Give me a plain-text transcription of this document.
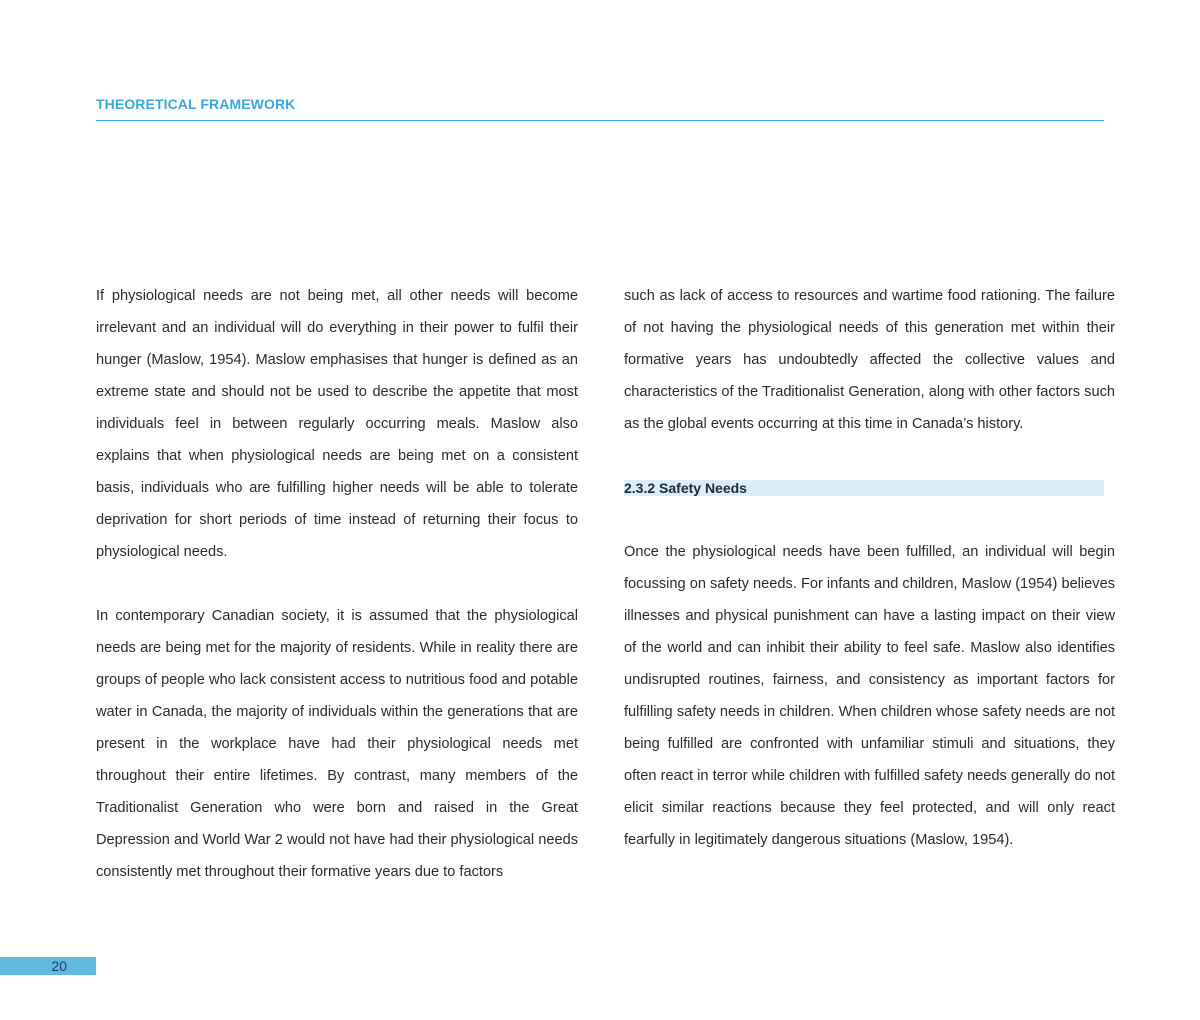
THEORETICAL FRAMEWORK

If physiological needs are not being met, all other needs will become irrelevant and an individual will do everything in their power to fulfil their hunger (Maslow, 1954). Maslow emphasises that hunger is defined as an extreme state and should not be used to describe the appetite that most individuals feel in between regularly occurring meals. Maslow also explains that when physiological needs are being met on a consistent basis, individuals who are fulfilling higher needs will be able to tolerate deprivation for short periods of time instead of returning their focus to physiological needs.

In contemporary Canadian society, it is assumed that the physiological needs are being met for the majority of residents. While in reality there are groups of people who lack consistent access to nutritious food and potable water in Canada, the majority of individuals within the generations that are present in the workplace have had their physiological needs met throughout their entire lifetimes. By contrast, many members of the Traditionalist Generation who were born and raised in the Great Depression and World War 2 would not have had their physiological needs consistently met throughout their formative years due to factors

such as lack of access to resources and wartime food rationing. The failure of not having the physiological needs of this generation met within their formative years has undoubtedly affected the collective values and characteristics of the Traditionalist Generation, along with other factors such as the global events occurring at this time in Canada’s history.

2.3.2 Safety Needs

Once the physiological needs have been fulfilled, an individual will begin focussing on safety needs. For infants and children, Maslow (1954) believes illnesses and physical punishment can have a lasting impact on their view of the world and can inhibit their ability to feel safe. Maslow also identifies undisrupted routines, fairness, and consistency as important factors for fulfilling safety needs in children. When children whose safety needs are not being fulfilled are confronted with unfamiliar stimuli and situations, they often react in terror while children with fulfilled safety needs generally do not elicit similar reactions because they feel protected, and will only react fearfully in legitimately dangerous situations (Maslow, 1954).

20
